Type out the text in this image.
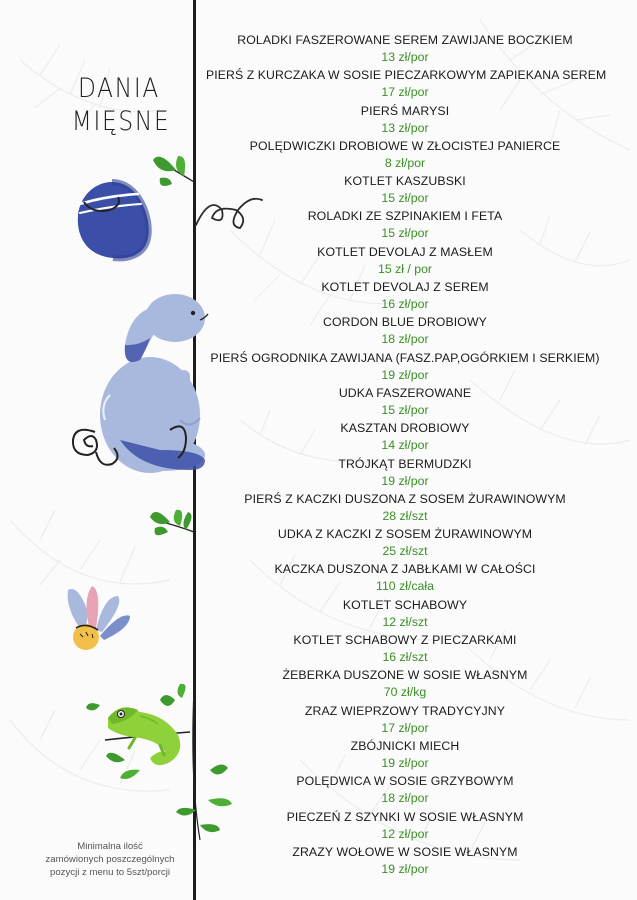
DANIA
MIĘSNE
ROLADKI FASZEROWANE SEREM ZAWIJANE BOCZKIEM
13 zł/por
PIERŚ Z KURCZAKA W SOSIE PIECZARKOWYM ZAPIEKANA SEREM
17 zł/por
PIERŚ MARYSI
13 zł/por
POLĘDWICZKI DROBIOWE W ZŁOCISTEJ PANIERCE
8 zł/por
KOTLET KASZUBSKI
15 zł/por
ROLADKI ZE SZPINAKIEM I FETA
15 zł/por
KOTLET DEVOLAJ Z MASŁEM
15 zł / por
KOTLET DEVOLAJ Z SEREM
16 zł/por
CORDON BLUE DROBIOWY
18 zł/por
PIERŚ OGRODNIKA ZAWIJANA (FASZ.PAP,OGÓRKIEM I SERKIEM)
19 zł/por
UDKA FASZEROWANE
15 zł/por
KASZTAN DROBIOWY
14 zł/por
TRÓJKĄT BERMUDZKI
19 zł/por
PIERŚ Z KACZKI DUSZONA Z SOSEM ŻURAWINOWYM
28 zł/szt
UDKA Z KACZKI Z SOSEM ŻURAWINOWYM
25 zł/szt
KACZKA DUSZONA Z JABŁKAMI W CAŁOŚCI
110 zł/cała
KOTLET SCHABOWY
12 zł/szt
KOTLET SCHABOWY Z PIECZARKAMI
16 zł/szt
ŻEBERKA DUSZONE W SOSIE WŁASNYM
70 zł/kg
ZRAZ WIEPRZOWY TRADYCYJNY
17 zł/por
ZBÓJNICKI MIECH
19 zł/por
POLĘDWICA W SOSIE GRZYBOWYM
18 zł/por
PIECZEŃ Z SZYNKI W SOSIE WŁASNYM
12 zł/por
ZRAZY WOŁOWE W SOSIE WŁASNYM
19 zł/por
Minimalna ilość
zamówionych poszczególnych
pozycji z menu to 5szt/porcji
